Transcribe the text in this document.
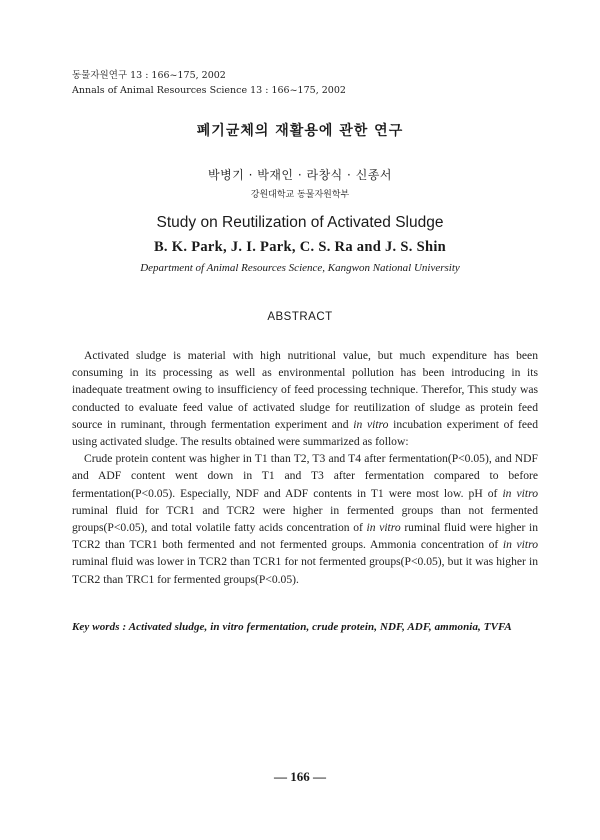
동물자원연구 13 : 166~175, 2002
Annals of Animal Resources Science 13 : 166~175, 2002
폐기균체의 재활용에 관한 연구
박병기 · 박재인 · 라창식 · 신종서
강원대학교 동물자원학부
Study on Reutilization of Activated Sludge
B. K. Park, J. I. Park, C. S. Ra and J. S. Shin
Department of Animal Resources Science, Kangwon National University
ABSTRACT

Activated sludge is material with high nutritional value, but much expenditure has been consuming in its processing as well as environmental pollution has been introducing in its inadequate treatment owing to insufficiency of feed processing technique. Therefor, This study was conducted to evaluate feed value of activated sludge for reutilization of sludge as protein feed source in ruminant, through fermentation experiment and in vitro incubation experiment of feed using activated sludge. The results obtained were summarized as follow:

Crude protein content was higher in T1 than T2, T3 and T4 after fermentation(P<0.05), and NDF and ADF content went down in T1 and T3 after fermentation compared to before fermentation(P<0.05). Especially, NDF and ADF contents in T1 were most low. pH of in vitro ruminal fluid for TCR1 and TCR2 were higher in fermented groups than not fermented groups(P<0.05), and total volatile fatty acids concentration of in vitro ruminal fluid were higher in TCR2 than TCR1 both fermented and not fermented groups. Ammonia concentration of in vitro ruminal fluid was lower in TCR2 than TCR1 for not fermented groups(P<0.05), but it was higher in TCR2 than TRC1 for fermented groups(P<0.05).

Key words : Activated sludge, in vitro fermentation, crude protein, NDF, ADF, ammonia, TVFA
— 166 —
